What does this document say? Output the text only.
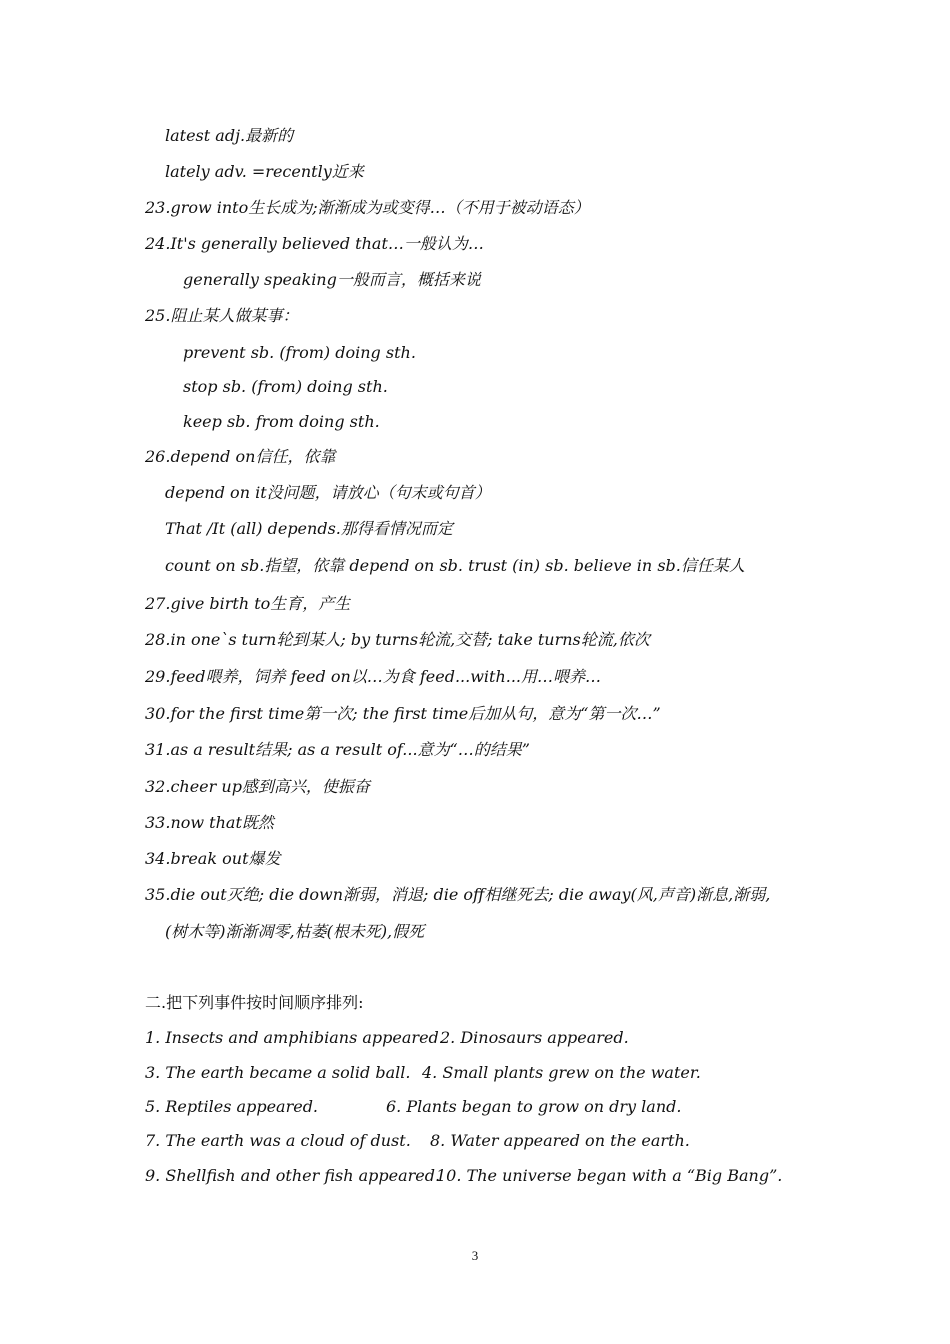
latest adj.最新的
lately adv. =recently近来
23.grow into生长成为;渐渐成为或变得…（不用于被动语态）
24.It's generally believed that…一般认为…
generally speaking一般而言，概括来说
25.阻止某人做某事：
prevent sb. (from) doing sth.
stop sb. (from) doing sth.
keep sb. from doing sth.
26.depend on信任，依靠
depend on it没问题，请放心（句末或句首）
That /It (all) depends.那得看情况而定
count on sb.指望，依靠 depend on sb. trust (in) sb. believe in sb.信任某人
27.give birth to生育，产生
28.in one`s turn轮到某人; by turns轮流,交替; take turns轮流,依次
29.feed喂养，饲养 feed on以…为食 feed...with...用…喂养…
30.for the first time第一次; the first time后加从句，意为“第一次…”
31.as a result结果; as a result of...意为“…的结果”
32.cheer up感到高兴，使振奋
33.now that既然
34.break out爆发
35.die out灭绝; die down渐弱，消退; die off相继死去; die away(风,声音)渐息,渐弱,
(树木等)渐渐凋零,枯萎(根未死),假死
二.把下列事件按时间顺序排列:
1. Insects and amphibians appeared.
3. The earth became a solid ball.
5. Reptiles appeared.
7. The earth was a cloud of dust.
9. Shellfish and other fish appeared.
2. Dinosaurs appeared.
4. Small plants grew on the water.
6. Plants began to grow on dry land.
8. Water appeared on the earth.
10. The universe began with a “Big Bang”.
3
